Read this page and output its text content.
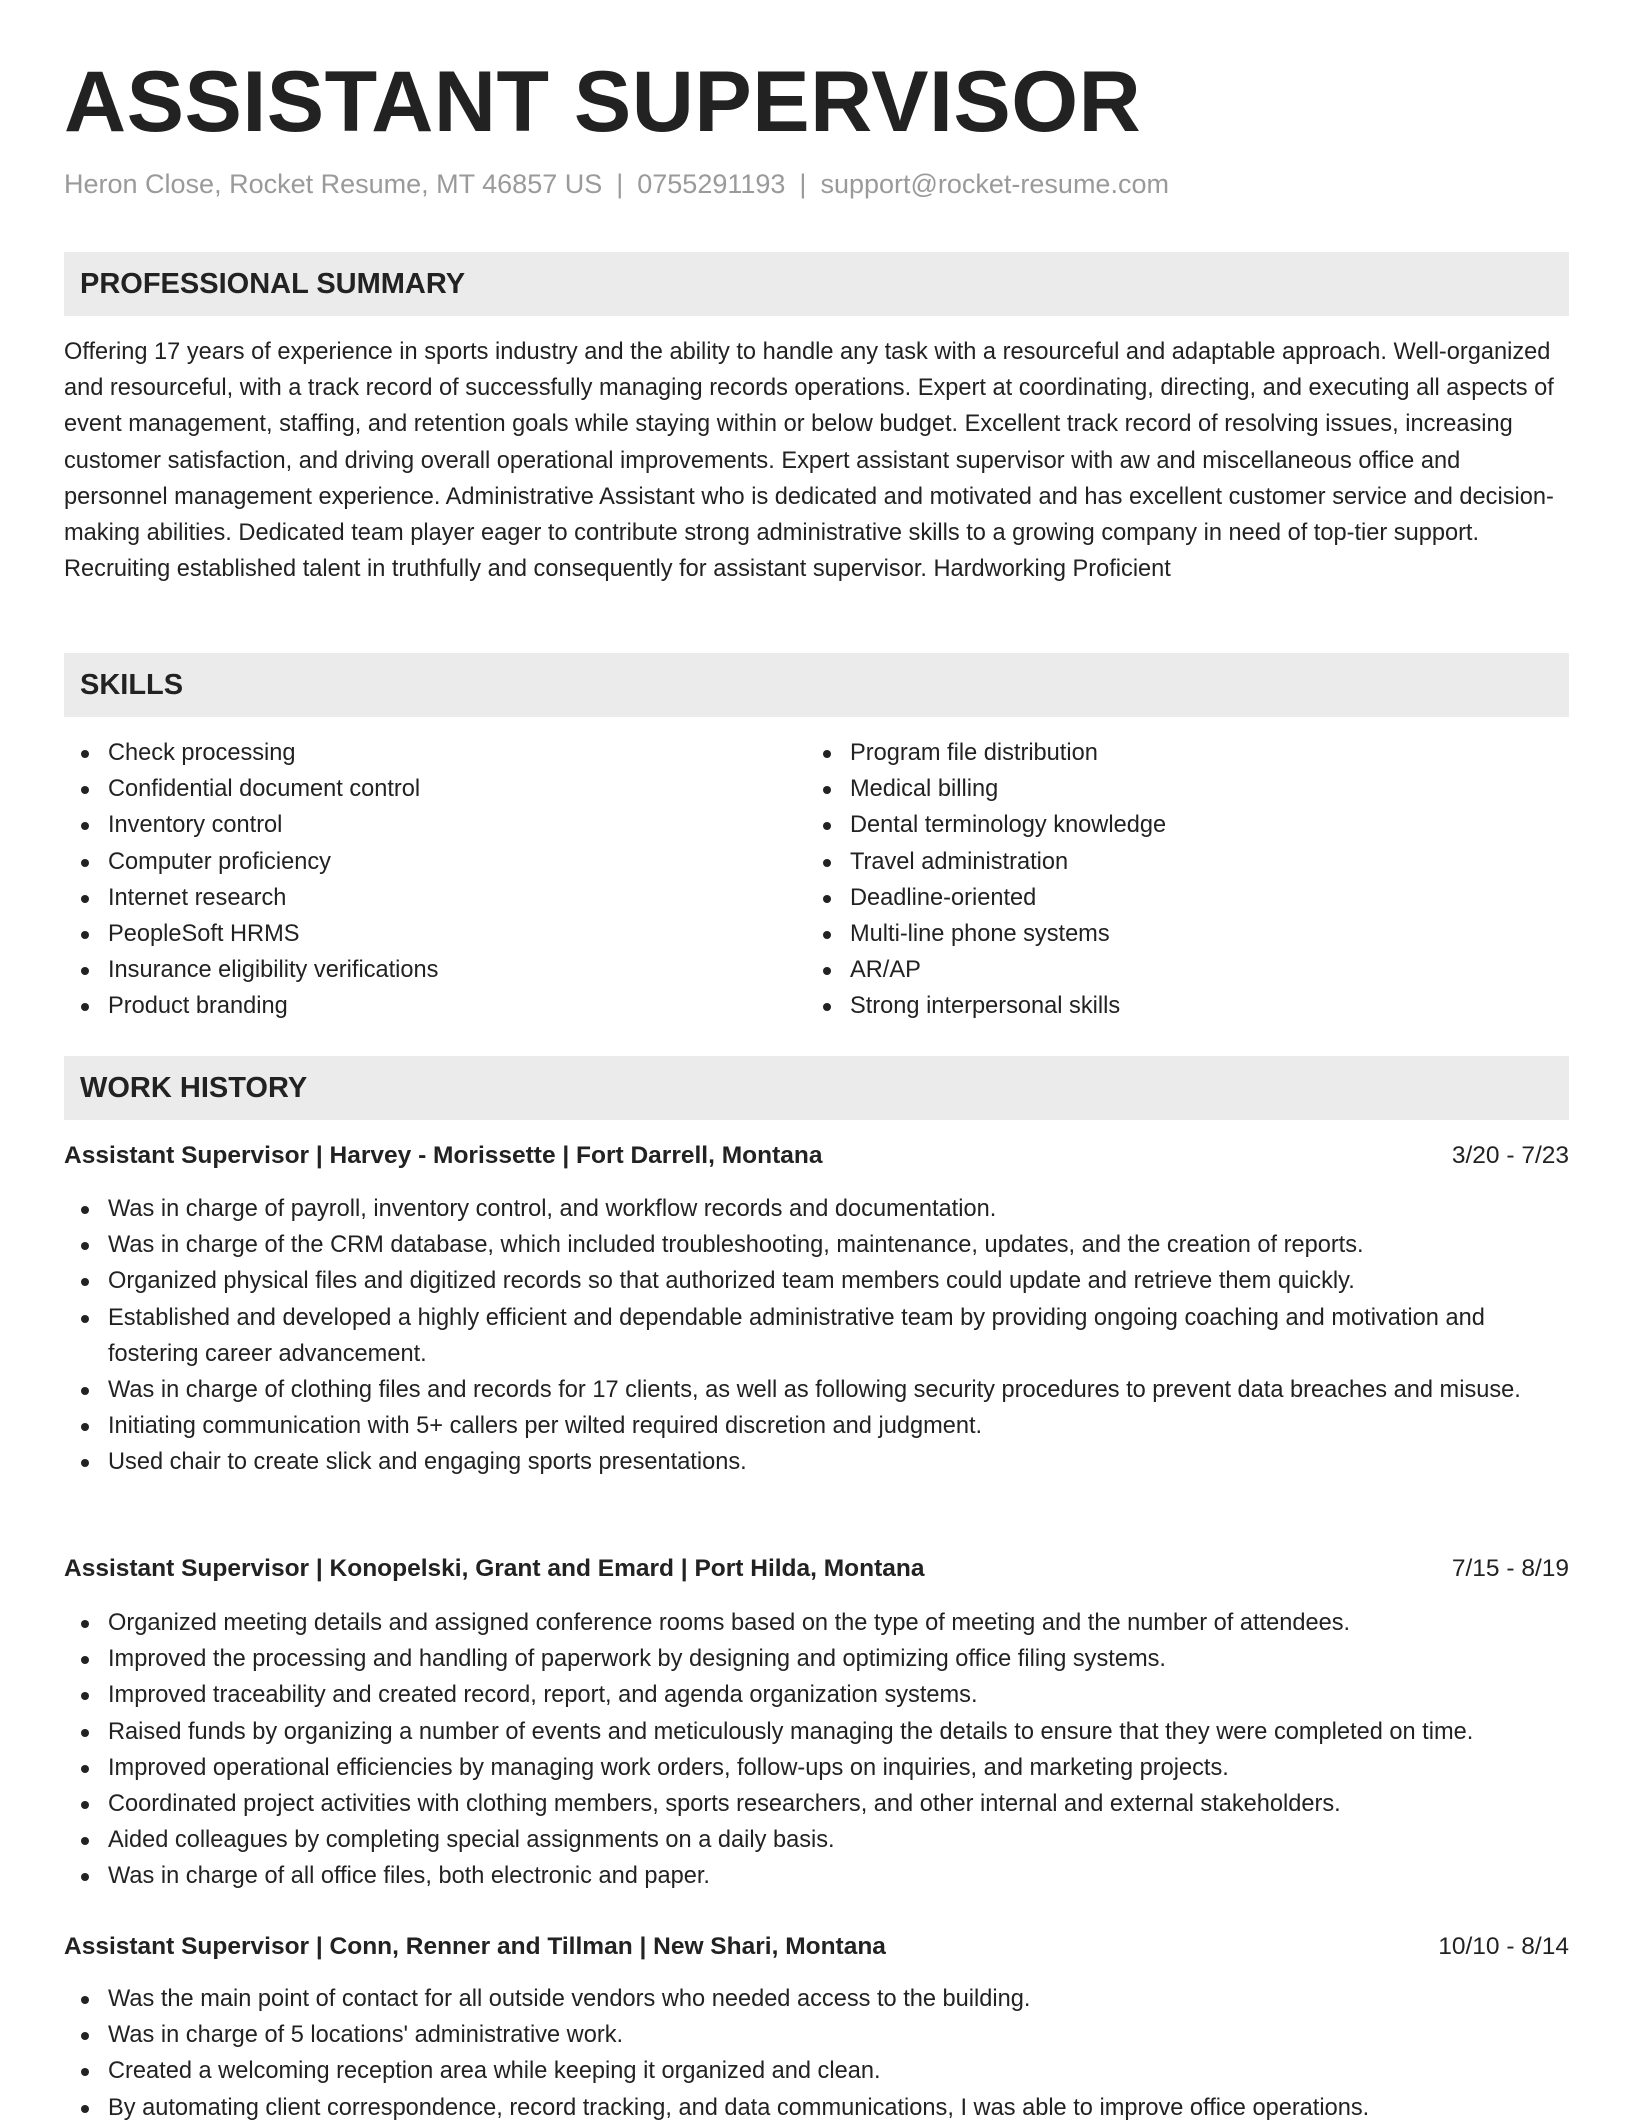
ASSISTANT SUPERVISOR
Heron Close, Rocket Resume, MT 46857 US | 0755291193 | support@rocket-resume.com
PROFESSIONAL SUMMARY

Offering 17 years of experience in sports industry and the ability to handle any task with a resourceful and adaptable approach. Well-organized and resourceful, with a track record of successfully managing records operations. Expert at coordinating, directing, and executing all aspects of event management, staffing, and retention goals while staying within or below budget. Excellent track record of resolving issues, increasing customer satisfaction, and driving overall operational improvements. Expert assistant supervisor with aw and miscellaneous office and personnel management experience. Administrative Assistant who is dedicated and motivated and has excellent customer service and decision-making abilities. Dedicated team player eager to contribute strong administrative skills to a growing company in need of top-tier support. Recruiting established talent in truthfully and consequently for assistant supervisor. Hardworking Proficient

SKILLS
Check processing
Confidential document control
Inventory control
Computer proficiency
Internet research
PeopleSoft HRMS
Insurance eligibility verifications
Product branding
Program file distribution
Medical billing
Dental terminology knowledge
Travel administration
Deadline-oriented
Multi-line phone systems
AR/AP
Strong interpersonal skills
WORK HISTORY
Assistant Supervisor | Harvey - Morissette | Fort Darrell, Montana	3/20 - 7/23
Was in charge of payroll, inventory control, and workflow records and documentation.
Was in charge of the CRM database, which included troubleshooting, maintenance, updates, and the creation of reports.
Organized physical files and digitized records so that authorized team members could update and retrieve them quickly.
Established and developed a highly efficient and dependable administrative team by providing ongoing coaching and motivation and fostering career advancement.
Was in charge of clothing files and records for 17 clients, as well as following security procedures to prevent data breaches and misuse.
Initiating communication with 5+ callers per wilted required discretion and judgment.
Used chair to create slick and engaging sports presentations.
Assistant Supervisor | Konopelski, Grant and Emard | Port Hilda, Montana	7/15 - 8/19
Organized meeting details and assigned conference rooms based on the type of meeting and the number of attendees.
Improved the processing and handling of paperwork by designing and optimizing office filing systems.
Improved traceability and created record, report, and agenda organization systems.
Raised funds by organizing a number of events and meticulously managing the details to ensure that they were completed on time.
Improved operational efficiencies by managing work orders, follow-ups on inquiries, and marketing projects.
Coordinated project activities with clothing members, sports researchers, and other internal and external stakeholders.
Aided colleagues by completing special assignments on a daily basis.
Was in charge of all office files, both electronic and paper.
Assistant Supervisor | Conn, Renner and Tillman | New Shari, Montana	10/10 - 8/14
Was the main point of contact for all outside vendors who needed access to the building.
Was in charge of 5 locations' administrative work.
Created a welcoming reception area while keeping it organized and clean.
By automating client correspondence, record tracking, and data communications, I was able to improve office operations.
